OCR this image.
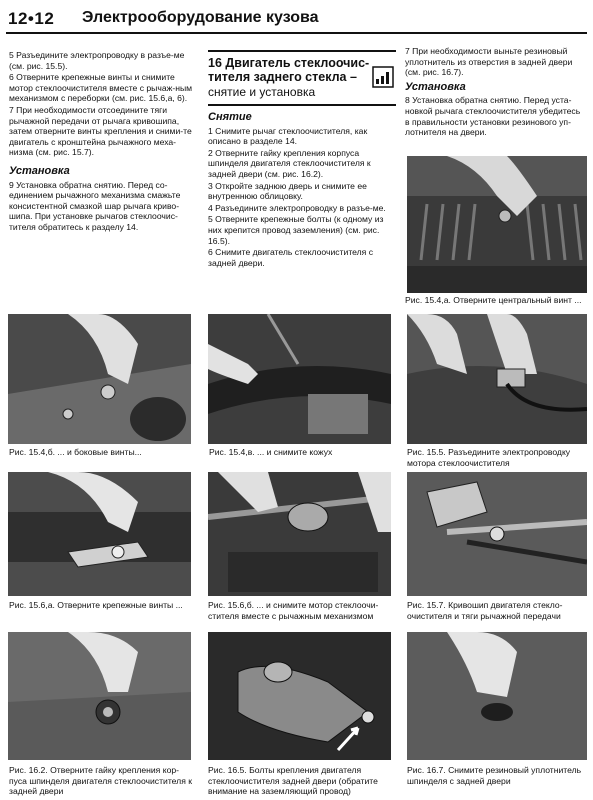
12•12 Электрооборудование кузова

5 Разъедините электропроводку в разъе-ме (см. рис. 15.5).

6 Отверните крепежные винты и снимите мотор стеклоочистителя вместе с рычаж-ным механизмом с переборки (см. рис. 15.6,а, 6).

7 При необходимости отсоедините тяги рычажной передачи от рычага кривошипа, затем отверните винты крепления и сними-те двигатель с кронштейна рычажного меха-низма (см. рис. 15.7).

Установка

9 Установка обратна снятию. Перед со-единением рычажного механизма смажьте консистентной смазкой шар рычага криво-шипа. При установке рычагов стеклоочис-тителя обратитесь к разделу 14.

16 Двигатель стеклоочис-
тителя заднего стекла –
снятие и установка
Снятие

1 Снимите рычаг стеклоочистителя, как описано в разделе 14.

2 Отверните гайку крепления корпуса шпинделя двигателя стеклоочистителя к задней двери (см. рис. 16.2).

3 Откройте заднюю дверь и снимите ее внутреннюю облицовку.

4 Разъедините электропроводку в разъе-ме.

5 Отверните крепежные болты (к одному из них крепится провод заземления) (см. рис. 16.5).

6 Снимите двигатель стеклоочистителя с задней двери.

7 При необходимости выньте резиновый уплотнитель из отверстия в задней двери (см. рис. 16.7).

Установка

8 Установка обратна снятию. Перед уста-новкой рычага стеклоочистителя убедитесь в правильности установки резинового уп-лотнителя на двери.

Рис. 15.4,а. Отверните центральный винт ...
Рис. 15.4,б. ... и боковые винты...	Рис. 15.4,в. ... и снимите кожух	Рис. 15.5. Разъедините электропроводку мотора стеклоочистителя
Рис. 15.6,а. Отверните крепежные винты ...	Рис. 15.6,б. ... и снимите мотор стеклоочи-стителя вместе с рычажным механизмом
Рис. 15.7. Кривошип двигателя стекло-очистителя и тяги рычажной передачи
Рис. 16.2. Отверните гайку крепления кор-пуса шпинделя двигателя стеклоочистителя к задней двери
Рис. 16.5. Болты крепления двигателя стеклоочистителя задней двери (обратите внимание на заземляющий провод)
Рис. 16.7. Снимите резиновый уплотнитель шпинделя с задней двери
